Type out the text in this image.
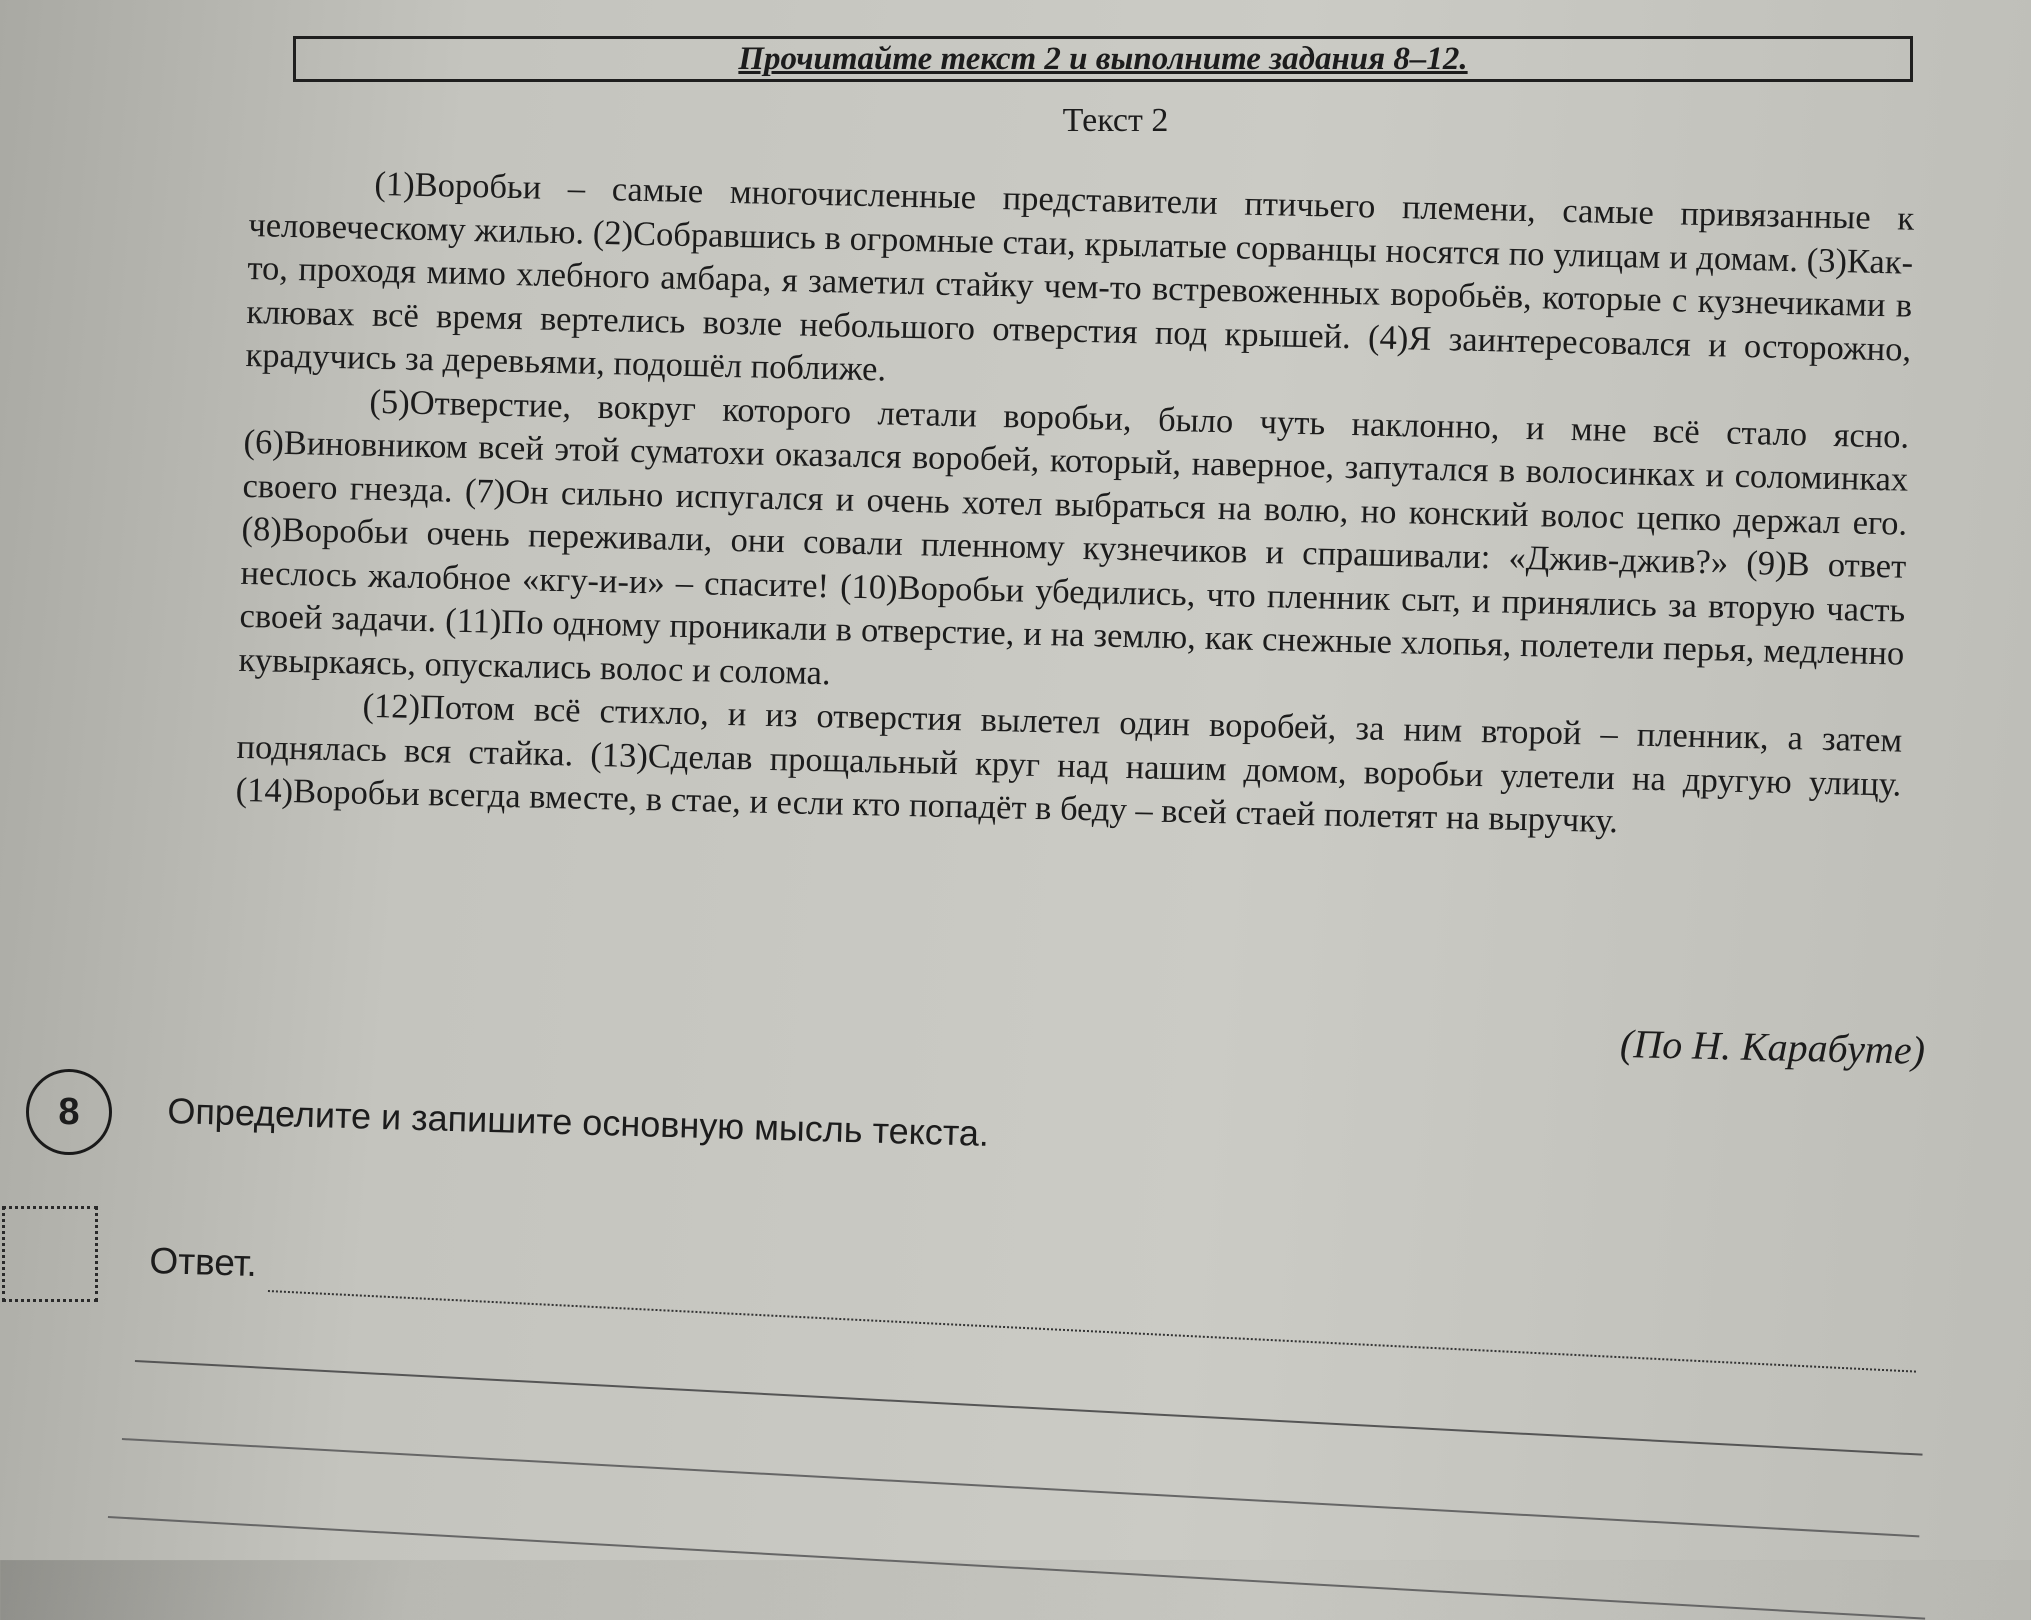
Прочитайте текст 2 и выполните задания 8–12.
Текст 2

(1)Воробьи – самые многочисленные представители птичьего племени, самые привязанные к человеческому жилью. (2)Собравшись в огромные стаи, крылатые сорванцы носятся по улицам и домам. (3)Как-то, проходя мимо хлебного амбара, я заметил стайку чем-то встревоженных воробьёв, которые с кузнечиками в клювах всё время вертелись возле небольшого отверстия под крышей. (4)Я заинтересовался и осторожно, крадучись за деревьями, подошёл поближе.

(5)Отверстие, вокруг которого летали воробьи, было чуть наклонно, и мне всё стало ясно. (6)Виновником всей этой суматохи оказался воробей, который, наверное, запутался в волосинках и соломинках своего гнезда. (7)Он сильно испугался и очень хотел выбраться на волю, но конский волос цепко держал его. (8)Воробьи очень переживали, они совали пленному кузнечиков и спрашивали: «Джив-джив?» (9)В ответ неслось жалобное «кгу-и-и» – спасите! (10)Воробьи убедились, что пленник сыт, и принялись за вторую часть своей задачи. (11)По одному проникали в отверстие, и на землю, как снежные хлопья, полетели перья, медленно кувыркаясь, опускались волос и солома.

(12)Потом всё стихло, и из отверстия вылетел один воробей, за ним второй – пленник, а затем поднялась вся стайка. (13)Сделав прощальный круг над нашим домом, воробьи улетели на другую улицу. (14)Воробьи всегда вместе, в стае, и если кто попадёт в беду – всей стаей полетят на выручку.

(По Н. Карабуте)
8	Определите и запишите основную мысль текста.
Ответ.
